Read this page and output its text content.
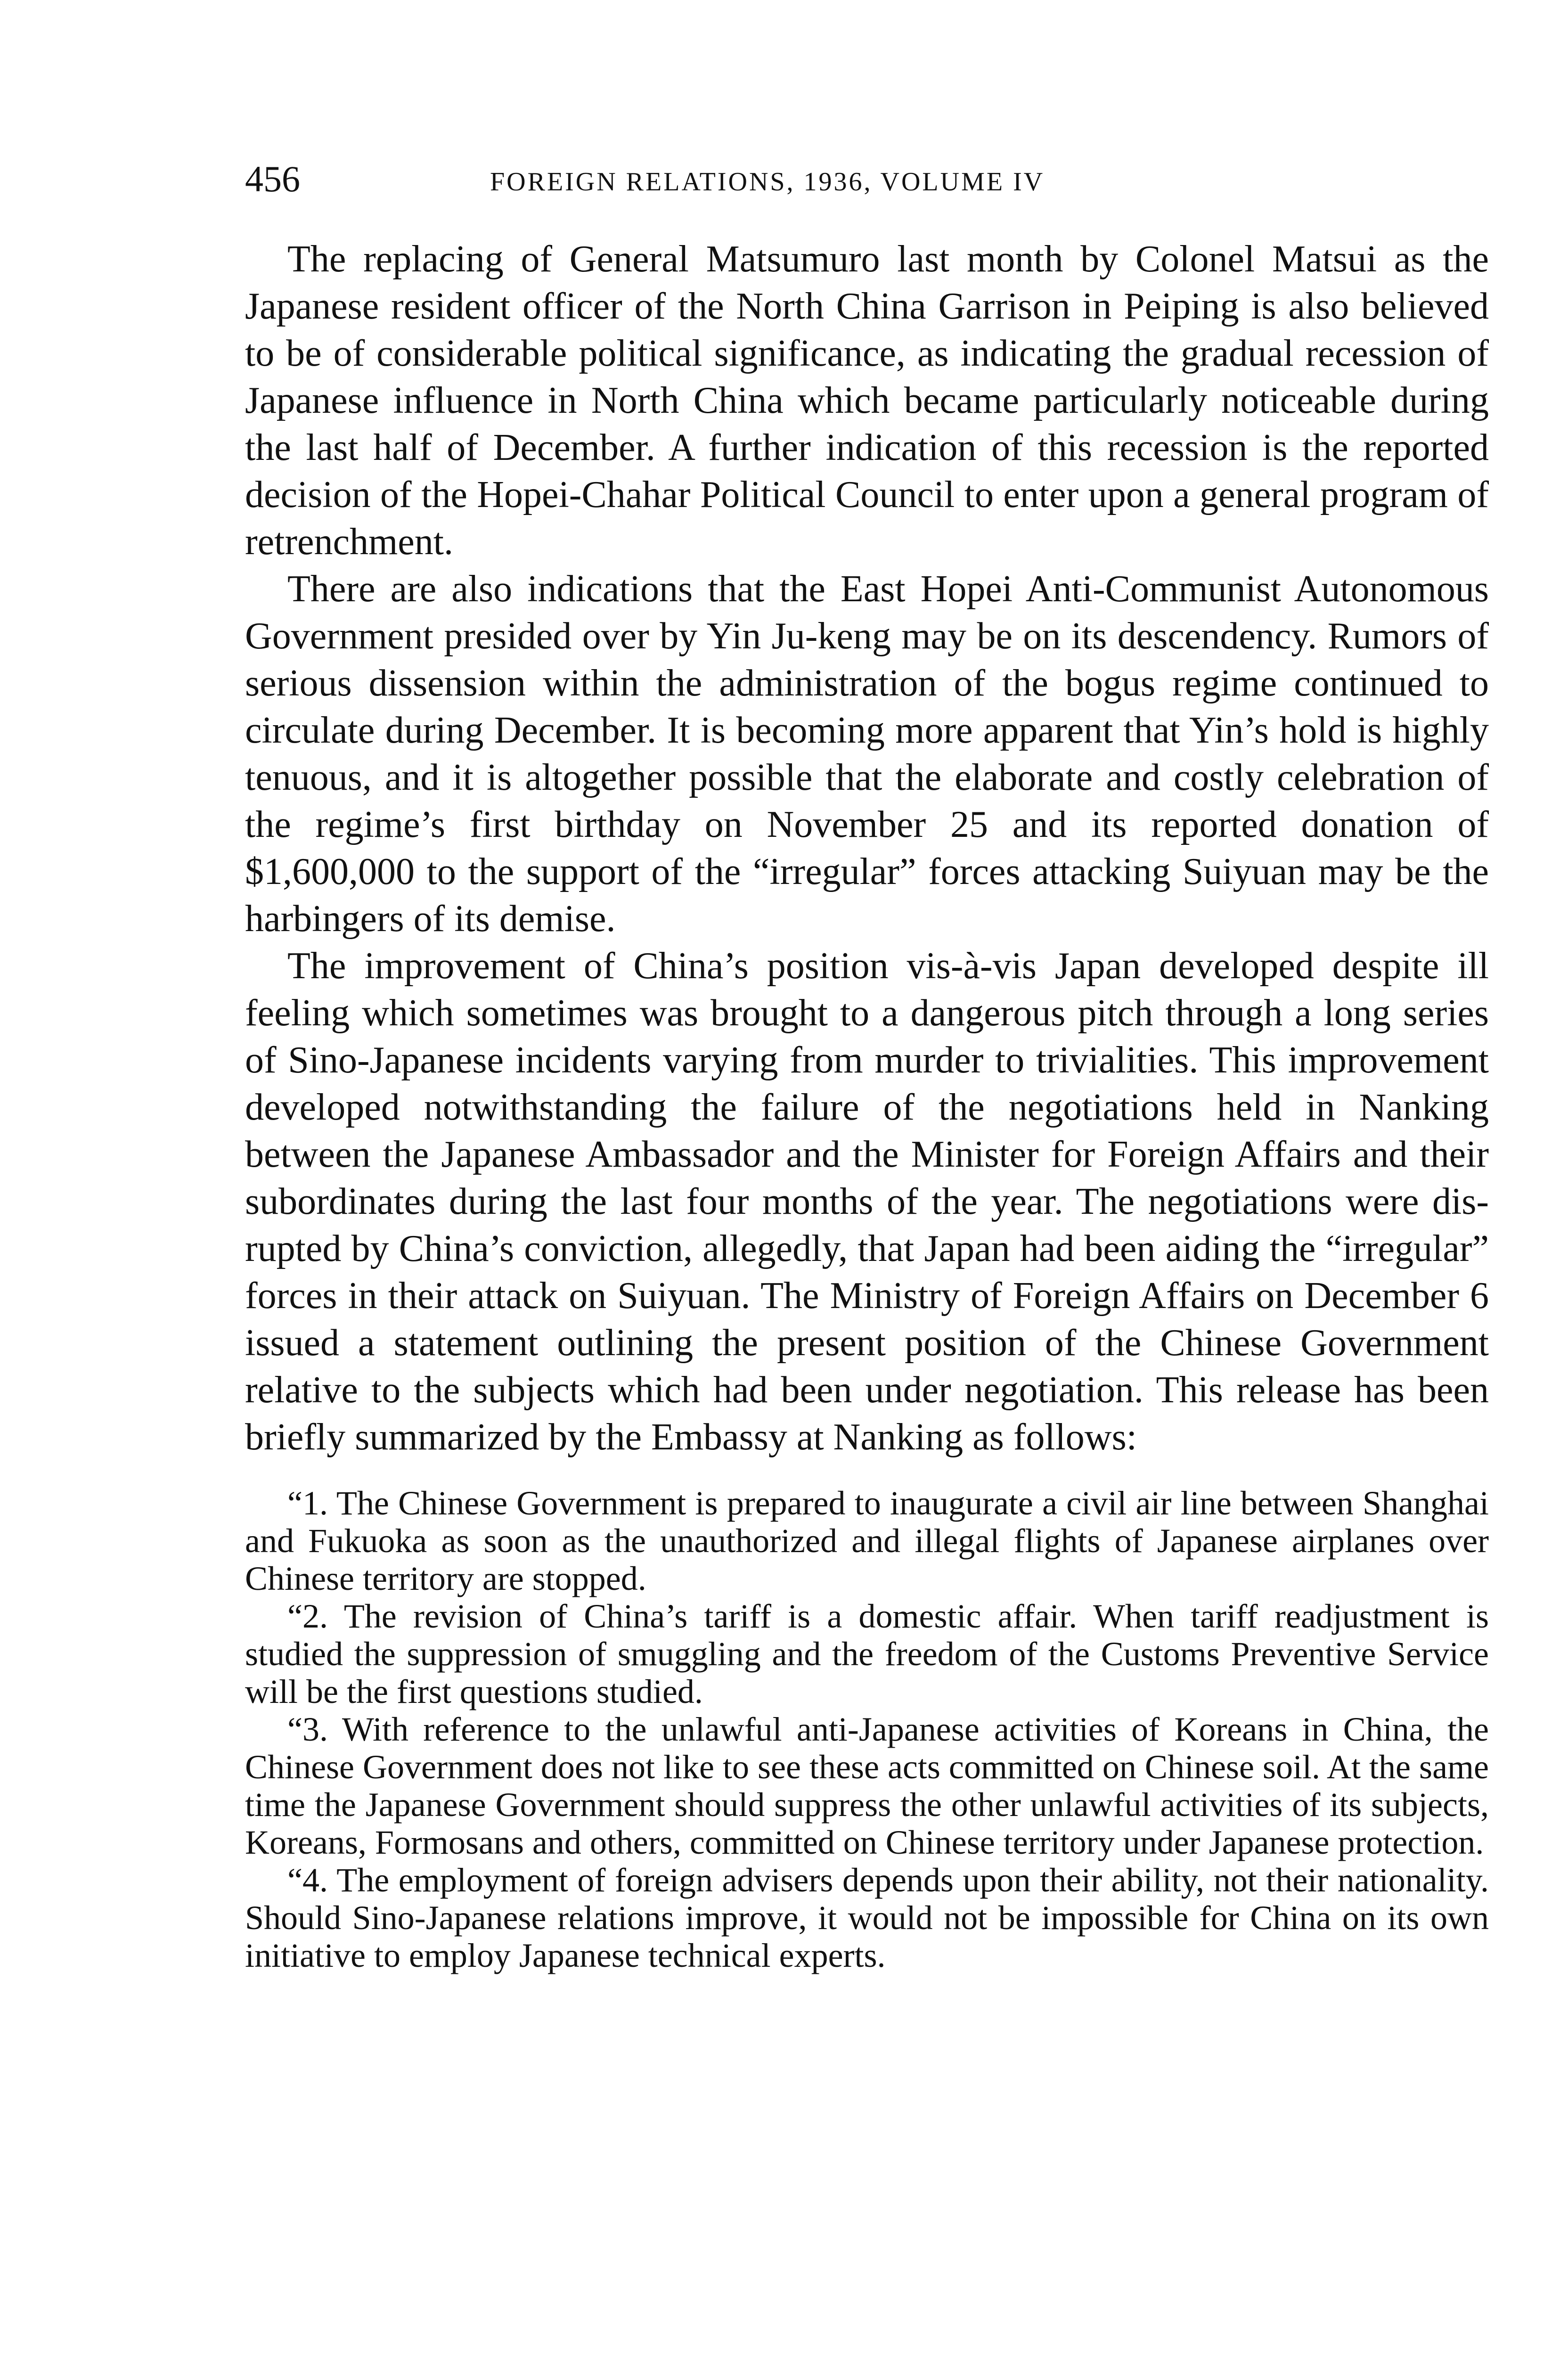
456	FOREIGN RELATIONS, 1936, VOLUME IV

The replacing of General Matsumuro last month by Colonel Matsui as the Japanese resident officer of the North China Garrison in Peiping is also believed to be of considerable political significance, as indicating the gradual recession of Japanese influence in North China which became particularly noticeable during the last half of December. A further indication of this recession is the reported decision of the Hopei-Chahar Political Council to enter upon a general program of retrenchment.

There are also indications that the East Hopei Anti-Communist Autonomous Government presided over by Yin Ju-keng may be on its descendency. Rumors of serious dissension within the administration of the bogus regime continued to circulate during December. It is becoming more apparent that Yin’s hold is highly tenuous, and it is altogether possible that the elaborate and costly celebration of the regime’s first birthday on November 25 and its reported donation of $1,600,000 to the support of the “irregular” forces attacking Suiyuan may be the harbingers of its demise.

The improvement of China’s position vis-à-vis Japan developed despite ill feeling which sometimes was brought to a dangerous pitch through a long series of Sino-Japanese incidents varying from murder to trivialities. This improvement developed notwithstanding the failure of the negotiations held in Nanking between the Japanese Ambassador and the Minister for Foreign Affairs and their subordinates during the last four months of the year. The negotiations were disrupted by China’s conviction, allegedly, that Japan had been aiding the “irregular” forces in their attack on Suiyuan. The Ministry of Foreign Affairs on December 6 issued a statement outlining the present position of the Chinese Government relative to the subjects which had been under negotiation. This release has been briefly summarized by the Embassy at Nanking as follows:

“1. The Chinese Government is prepared to inaugurate a civil air line between Shanghai and Fukuoka as soon as the unauthorized and illegal flights of Japanese airplanes over Chinese territory are stopped.

“2. The revision of China’s tariff is a domestic affair. When tariff readjustment is studied the suppression of smuggling and the freedom of the Customs Preventive Service will be the first questions studied.

“3. With reference to the unlawful anti-Japanese activities of Koreans in China, the Chinese Government does not like to see these acts committed on Chinese soil. At the same time the Japanese Government should suppress the other unlawful activities of its subjects, Koreans, Formosans and others, committed on Chinese territory under Japanese protection.

“4. The employment of foreign advisers depends upon their ability, not their nationality. Should Sino-Japanese relations improve, it would not be impossible for China on its own initiative to employ Japanese technical experts.
